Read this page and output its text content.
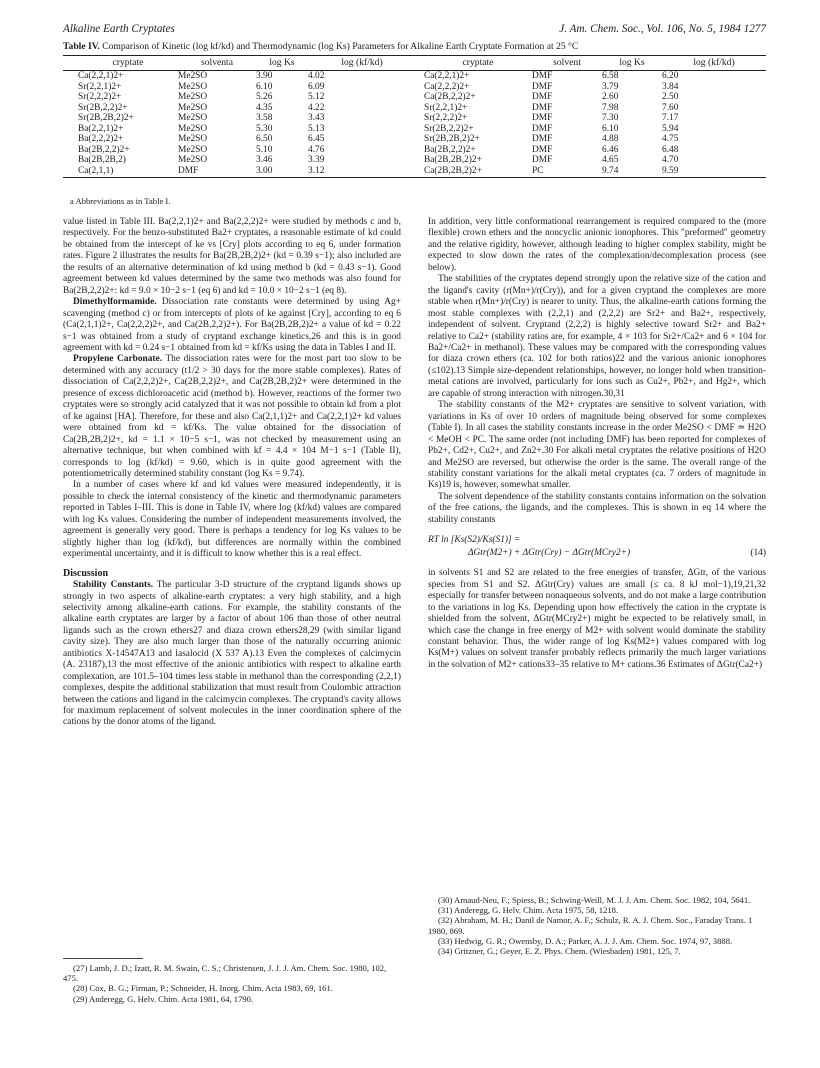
Alkaline Earth Cryptates	J. Am. Chem. Soc., Vol. 106, No. 5, 1984 1277
Table IV. Comparison of Kinetic (log kf/kd) and Thermodynamic (log Ks) Parameters for Alkaline Earth Cryptate Formation at 25 °C
cryptate	solventa	log Ks	log (kf/kd)	cryptate	solvent	log Ks	log (kf/kd)
Ca(2,2,1)2+	Me2SO	3.90	4.02	Ca(2,2,1)2+	DMF	6.58	6.20
Sr(2,2,1)2+	Me2SO	6.10	6.09	Ca(2,2,2)2+	DMF	3.79	3.84
Sr(2,2,2)2+	Me2SO	5.26	5.12	Ca(2B,2,2)2+	DMF	2.60	2.50
Sr(2B,2,2)2+	Me2SO	4.35	4.22	Sr(2,2,1)2+	DMF	7.98	7.60
Sr(2B,2B,2)2+	Me2SO	3.58	3.43	Sr(2,2,2)2+	DMF	7.30	7.17
Ba(2,2,1)2+	Me2SO	5.30	5.13	Sr(2B,2,2)2+	DMF	6.10	5.94
Ba(2,2,2)2+	Me2SO	6.50	6.45	Sr(2B,2B,2)2+	DMF	4.88	4.75
Ba(2B,2,2)2+	Me2SO	5.10	4.76	Ba(2B,2,2)2+	DMF	6.46	6.48
Ba(2B,2B,2)	Me2SO	3.46	3.39	Ba(2B,2B,2)2+	DMF	4.65	4.70
Ca(2,1,1)	DMF	3.00	3.12	Ca(2B,2B,2)2+	PC	9.74	9.59
a Abbreviations as in Table I.

value listed in Table III. Ba(2,2,1)2+ and Ba(2,2,2)2+ were studied by methods c and b, respectively. For the benzo-substituted Ba2+ cryptates, a reasonable estimate of kd could be obtained from the intercept of ke vs [Cry] plots according to eq 6, under formation rates. Figure 2 illustrates the results for Ba(2B,2B,2)2+ (kd = 0.39 s−1); also included are the results of an alternative determination of kd using method b (kd = 0.43 s−1). Good agreement between kd values determined by the same two methods was also found for Ba(2B,2,2)2+: kd = 9.0 × 10−2 s−1 (eq 6) and kd = 10.0 × 10−2 s−1 (eq 8).

Dimethylformamide. Dissociation rate constants were determined by using Ag+ scavenging (method c) or from intercepts of plots of ke against [Cry], according to eq 6 (Ca(2,1,1)2+, Ca(2,2,2)2+, and Ca(2B,2,2)2+). For Ba(2B,2B,2)2+ a value of kd = 0.22 s−1 was obtained from a study of cryptand exchange kinetics,26 and this is in good agreement with kd = 0.24 s−1 obtained from kd = kf/Ks using the data in Tables I and II.

Propylene Carbonate. The dissociation rates were for the most part too slow to be determined with any accuracy (t1/2 > 30 days for the more stable complexes). Rates of dissociation of Ca(2,2,2)2+, Ca(2B,2,2)2+, and Ca(2B,2B,2)2+ were determined in the presence of excess dichloroacetic acid (method b). However, reactions of the former two cryptates were so strongly acid catalyzed that it was not possible to obtain kd from a plot of ke against [HA]. Therefore, for these and also Ca(2,1,1)2+ and Ca(2,2,1)2+ kd values were obtained from kd = kf/Ks. The value obtained for the dissociation of Ca(2B,2B,2)2+, kd = 1.1 × 10−5 s−1, was not checked by measurement using an alternative technique, but when combined with kf = 4.4 × 104 M−1 s−1 (Table II), corresponds to log (kf/kd) = 9.60, which is in quite good agreement with the potentiometrically determined stability constant (log Ks = 9.74).

In a number of cases where kf and kd values were measured independently, it is possible to check the internal consistency of the kinetic and thermodynamic parameters reported in Tables I–III. This is done in Table IV, where log (kf/kd) values are compared with log Ks values. Considering the number of independent measurements involved, the agreement is generally very good. There is perhaps a tendency for log Ks values to be slightly higher than log (kf/kd), but differences are normally within the combined experimental uncertainty, and it is difficult to know whether this is a real effect.

Discussion

Stability Constants. The particular 3-D structure of the cryptand ligands shows up strongly in two aspects of alkaline-earth cryptates: a very high stability, and a high selectivity among alkaline-earth cations. For example, the stability constants of the alkaline earth cryptates are larger by a factor of about 106 than those of other neutral ligands such as the crown ethers27 and diaza crown ethers28,29 (with similar ligand cavity size). They are also much larger than those of the naturally occurring anionic antibiotics X-14547A13 and lasalocid (X 537 A).13 Even the complexes of calcimycin (A. 23187),13 the most effective of the anionic antibiotics with respect to alkaline earth complexation, are 101.5–104 times less stable in methanol than the corresponding (2,2,1) complexes, despite the additional stabilization that must result from Coulombic attraction between the cations and ligand in the calcimycin complexes. The cryptand's cavity allows for maximum replacement of solvent molecules in the inner coordination sphere of the cations by the donor atoms of the ligand.

(27) Lamb, J. D.; Izatt, R. M. Swain, C. S.; Christensen, J. J. J. Am. Chem. Soc. 1980, 102, 475.

(28) Cox, B. G.; Firman, P.; Schneider, H. Inorg. Chim. Acta 1983, 69, 161.

(29) Anderegg, G. Helv. Chim. Acta 1981, 64, 1790.

In addition, very little conformational rearrangement is required compared to the (more flexible) crown ethers and the noncyclic anionic ionophores. This "preformed" geometry and the relative rigidity, however, although leading to higher complex stability, might be expected to slow down the rates of the complexation/decomplexation process (see below).

The stabilities of the cryptates depend strongly upon the relative size of the cation and the ligand's cavity (r(Mn+)/r(Cry)), and for a given cryptand the complexes are more stable when r(Mn+)/r(Cry) is nearer to unity. Thus, the alkaline-earth cations forming the most stable complexes with (2,2,1) and (2,2,2) are Sr2+ and Ba2+, respectively, independent of solvent. Cryptand (2,2,2) is highly selective toward Sr2+ and Ba2+ relative to Ca2+ (stability ratios are, for example, 4 × 103 for Sr2+/Ca2+ and 6 × 104 for Ba2+/Ca2+ in methanol). These values may be compared with the corresponding values for diaza crown ethers (ca. 102 for both ratios)22 and the various anionic ionophores (≤102).13 Simple size-dependent relationships, however, no longer hold when transition-metal cations are involved, particularly for ions such as Cu2+, Pb2+, and Hg2+, which are capable of strong interaction with nitrogen.30,31

The stability constants of the M2+ cryptates are sensitive to solvent variation, with variations in Ks of over 10 orders of magnitude being observed for some complexes (Table I). In all cases the stability constants increase in the order Me2SO < DMF ≃ H2O < MeOH < PC. The same order (not including DMF) has been reported for complexes of Pb2+, Cd2+, Cu2+, and Zn2+.30 For alkali metal cryptates the relative positions of H2O and Me2SO are reversed, but otherwise the order is the same. The overall range of the stability constant variations for the alkali metal cryptates (ca. 7 orders of magnitude in Ks)19 is, however, somewhat smaller.

The solvent dependence of the stability constants contains information on the solvation of the free cations, the ligands, and the complexes. This is shown in eq 14 where the stability constants

RT ln [Ks(S2)/Ks(S1)] =
ΔGtr(M2+) + ΔGtr(Cry) − ΔGtr(MCry2+)	(14)

in solvents S1 and S2 are related to the free energies of transfer, ΔGtr, of the various species from S1 and S2. ΔGtr(Cry) values are small (≤ ca. 8 kJ mol−1),19,21,32 especially for transfer between nonaqueous solvents, and do not make a large contribution to the variations in log Ks. Depending upon how effectively the cation in the cryptate is shielded from the solvent, ΔGtr(MCry2+) might be expected to be relatively small, in which case the change in free energy of M2+ with solvent would dominate the stability constant behavior. Thus, the wider range of log Ks(M2+) values compared with log Ks(M+) values on solvent transfer probably reflects primarily the much larger variations in the solvation of M2+ cations33–35 relative to M+ cations.36 Estimates of ΔGtr(Ca2+)

(30) Arnaud-Neu, F.; Spiess, B.; Schwing-Weill, M. J. J. Am. Chem. Soc. 1982, 104, 5641.

(31) Anderegg, G. Helv. Chim. Acta 1975, 58, 1218.

(32) Abraham, M. H.; Danil de Namor, A. F.; Schulz, R. A. J. Chem. Soc., Faraday Trans. 1 1980, 869.

(33) Hedwig, G. R.; Owensby, D. A.; Parker, A. J. J. Am. Chem. Soc. 1974, 97, 3888.

(34) Gritzner, G.; Geyer, E. Z. Phys. Chem. (Wiesbaden) 1981, 125, 7.
